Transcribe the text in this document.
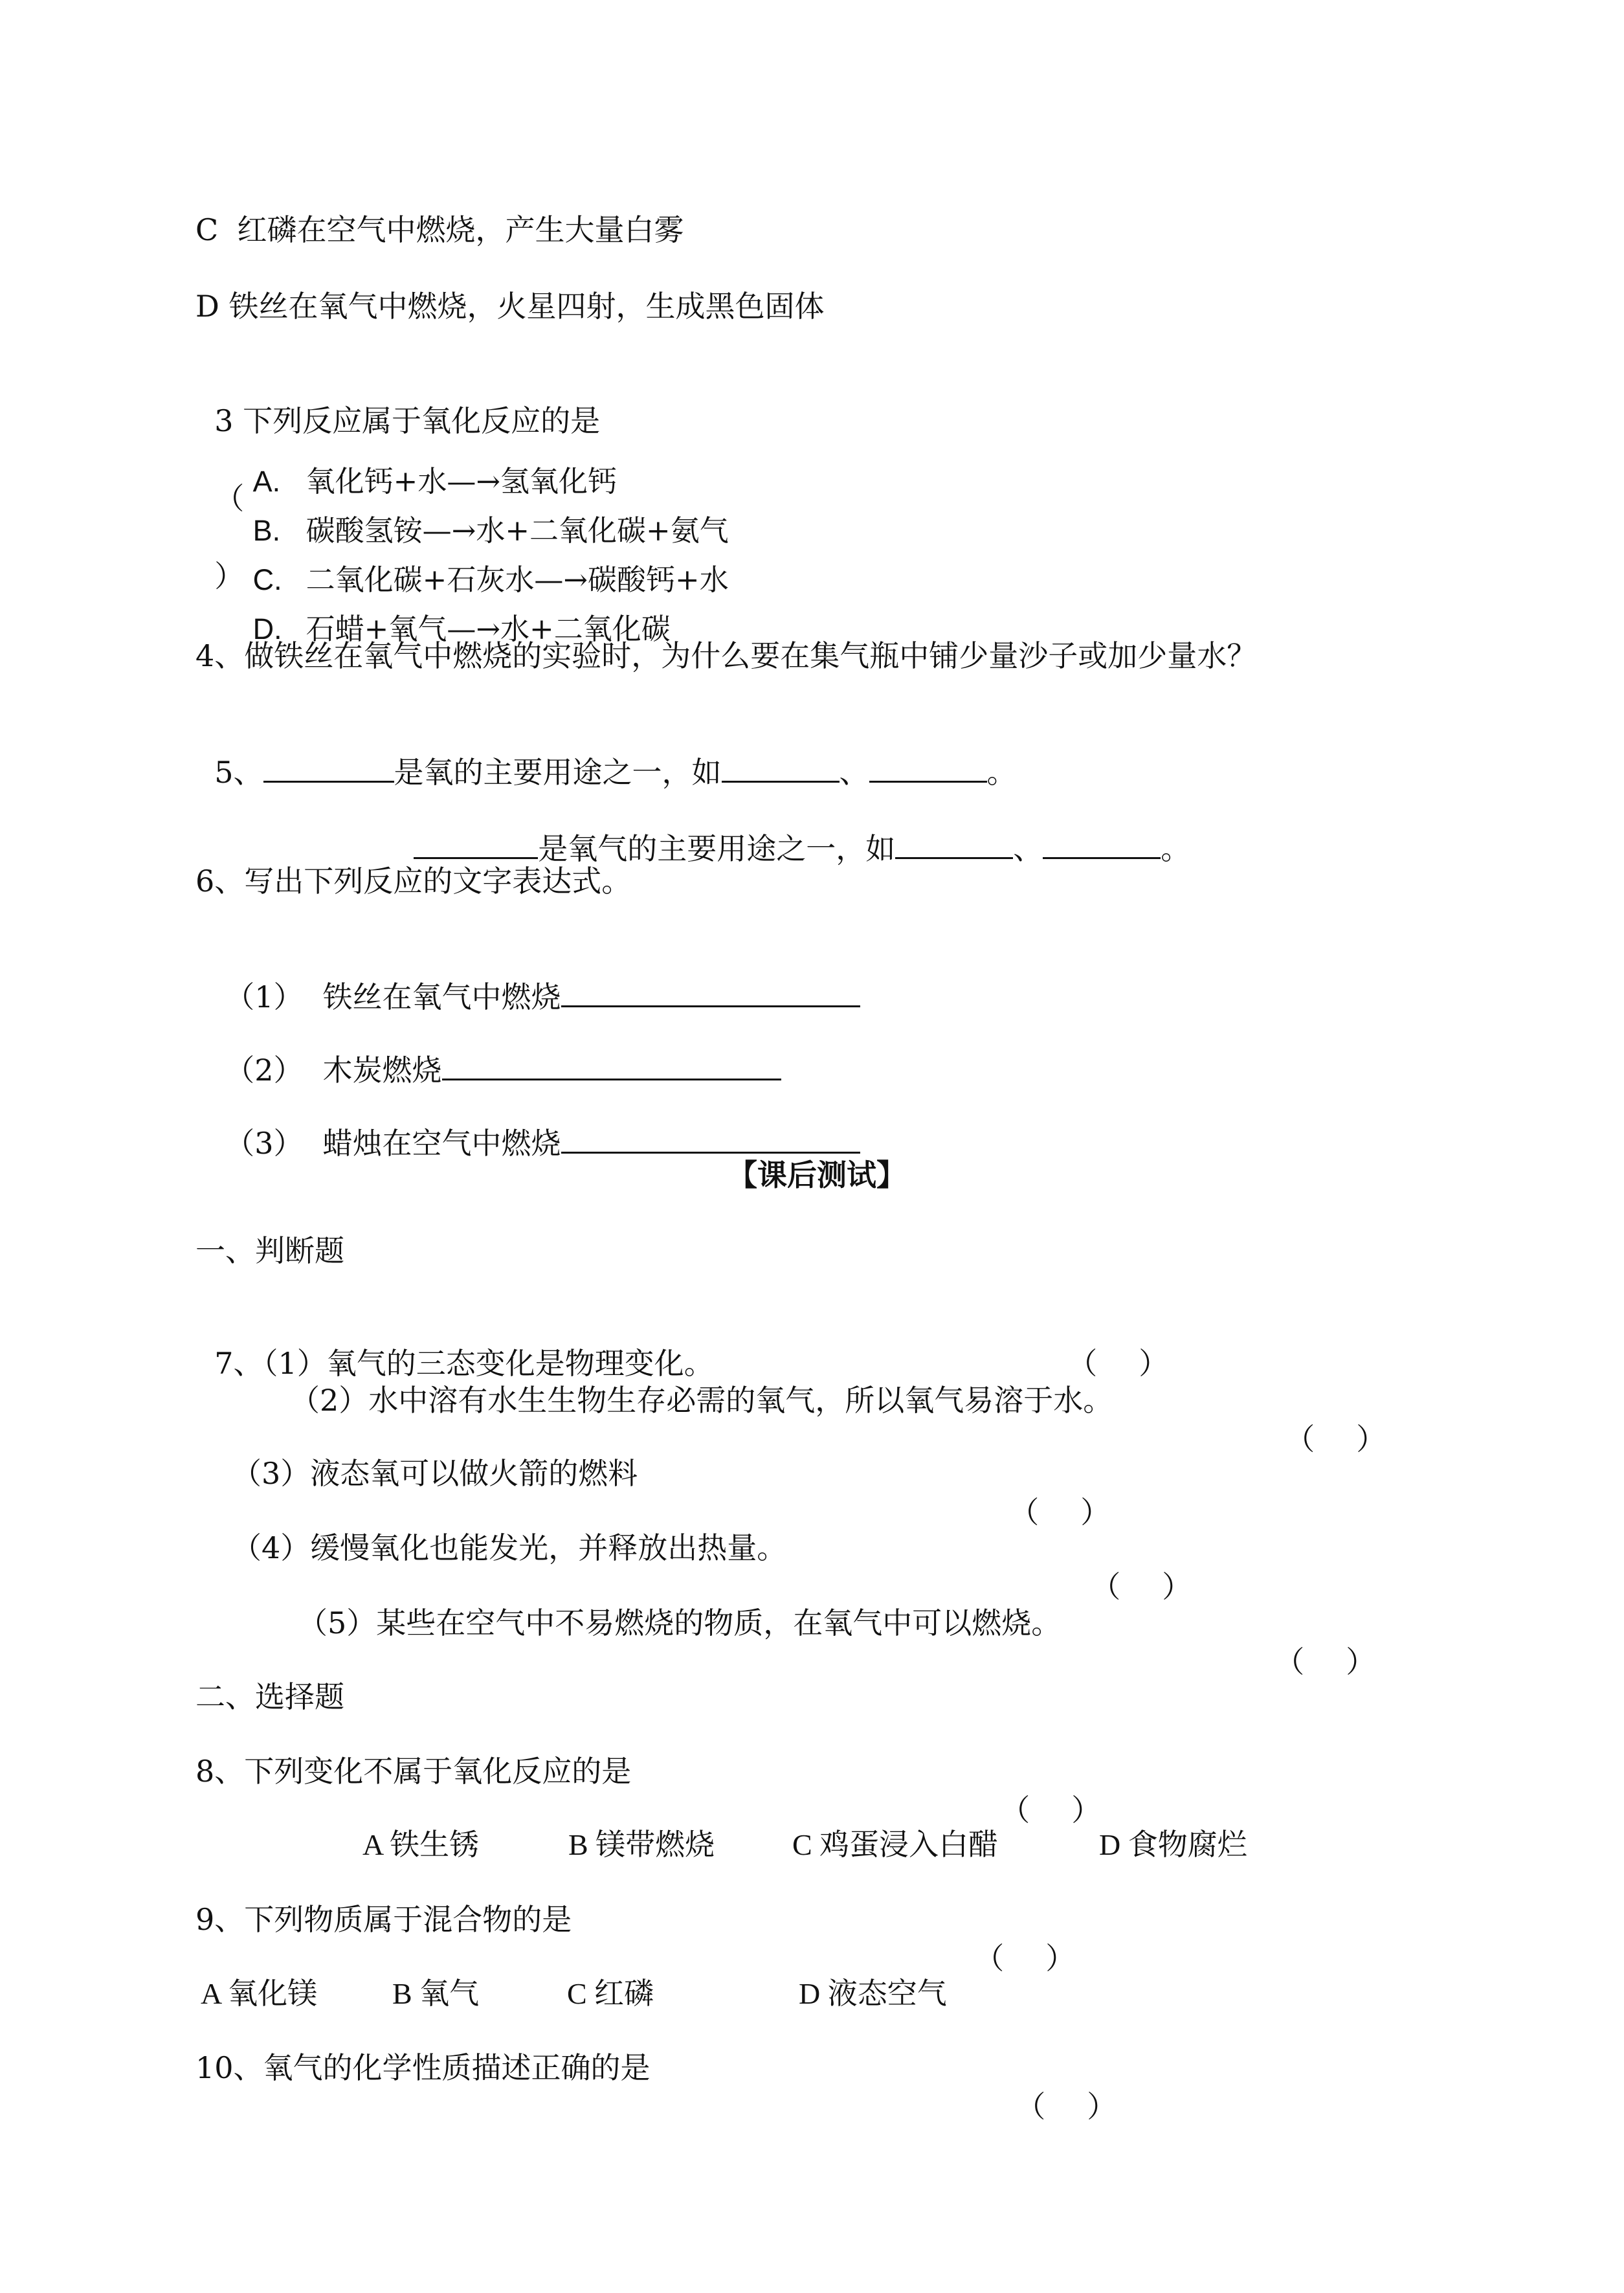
C  红磷在空气中燃烧，产生大量白雾
D 铁丝在氧气中燃烧，火星四射，生成黑色固体

3 下列反应属于氧化反应的是

（

）

A. 氧化钙+水—→氢氧化钙

B. 碳酸氢铵—→水+二氧化碳+氨气

C. 二氧化碳+石灰水—→碳酸钙+水

D. 石蜡+氧气—→水+二氧化碳

4、做铁丝在氧气中燃烧的实验时，为什么要在集气瓶中铺少量沙子或加少量水？

5、	是氧的主要用途之一，如	、	。

是氧气的主要用途之一，如	、	。

6、写出下列反应的文字表达式。

（1） 铁丝在氧气中燃烧

（2） 木炭燃烧

（3） 蜡烛在空气中燃烧

【课后测试】
一、判断题

7、（1）氧气的三态变化是物理变化。	（ ）

（2）水中溶有水生生物生存必需的氧气，所以氧气易溶于水。

（ ）

（3）液态氧可以做火箭的燃料

（ ）

（4）缓慢氧化也能发光，并释放出热量。

（ ）

（5）某些在空气中不易燃烧的物质，在氧气中可以燃烧。

（ ）

二、选择题
8、下列变化不属于氧化反应的是

（ ）

A 铁生锈	B 镁带燃烧	C 鸡蛋浸入白醋	D 食物腐烂
9、下列物质属于混合物的是

（ ）

A 氧化镁	B 氧气	C 红磷	D 液态空气
10、氧气的化学性质描述正确的是

（ ）
